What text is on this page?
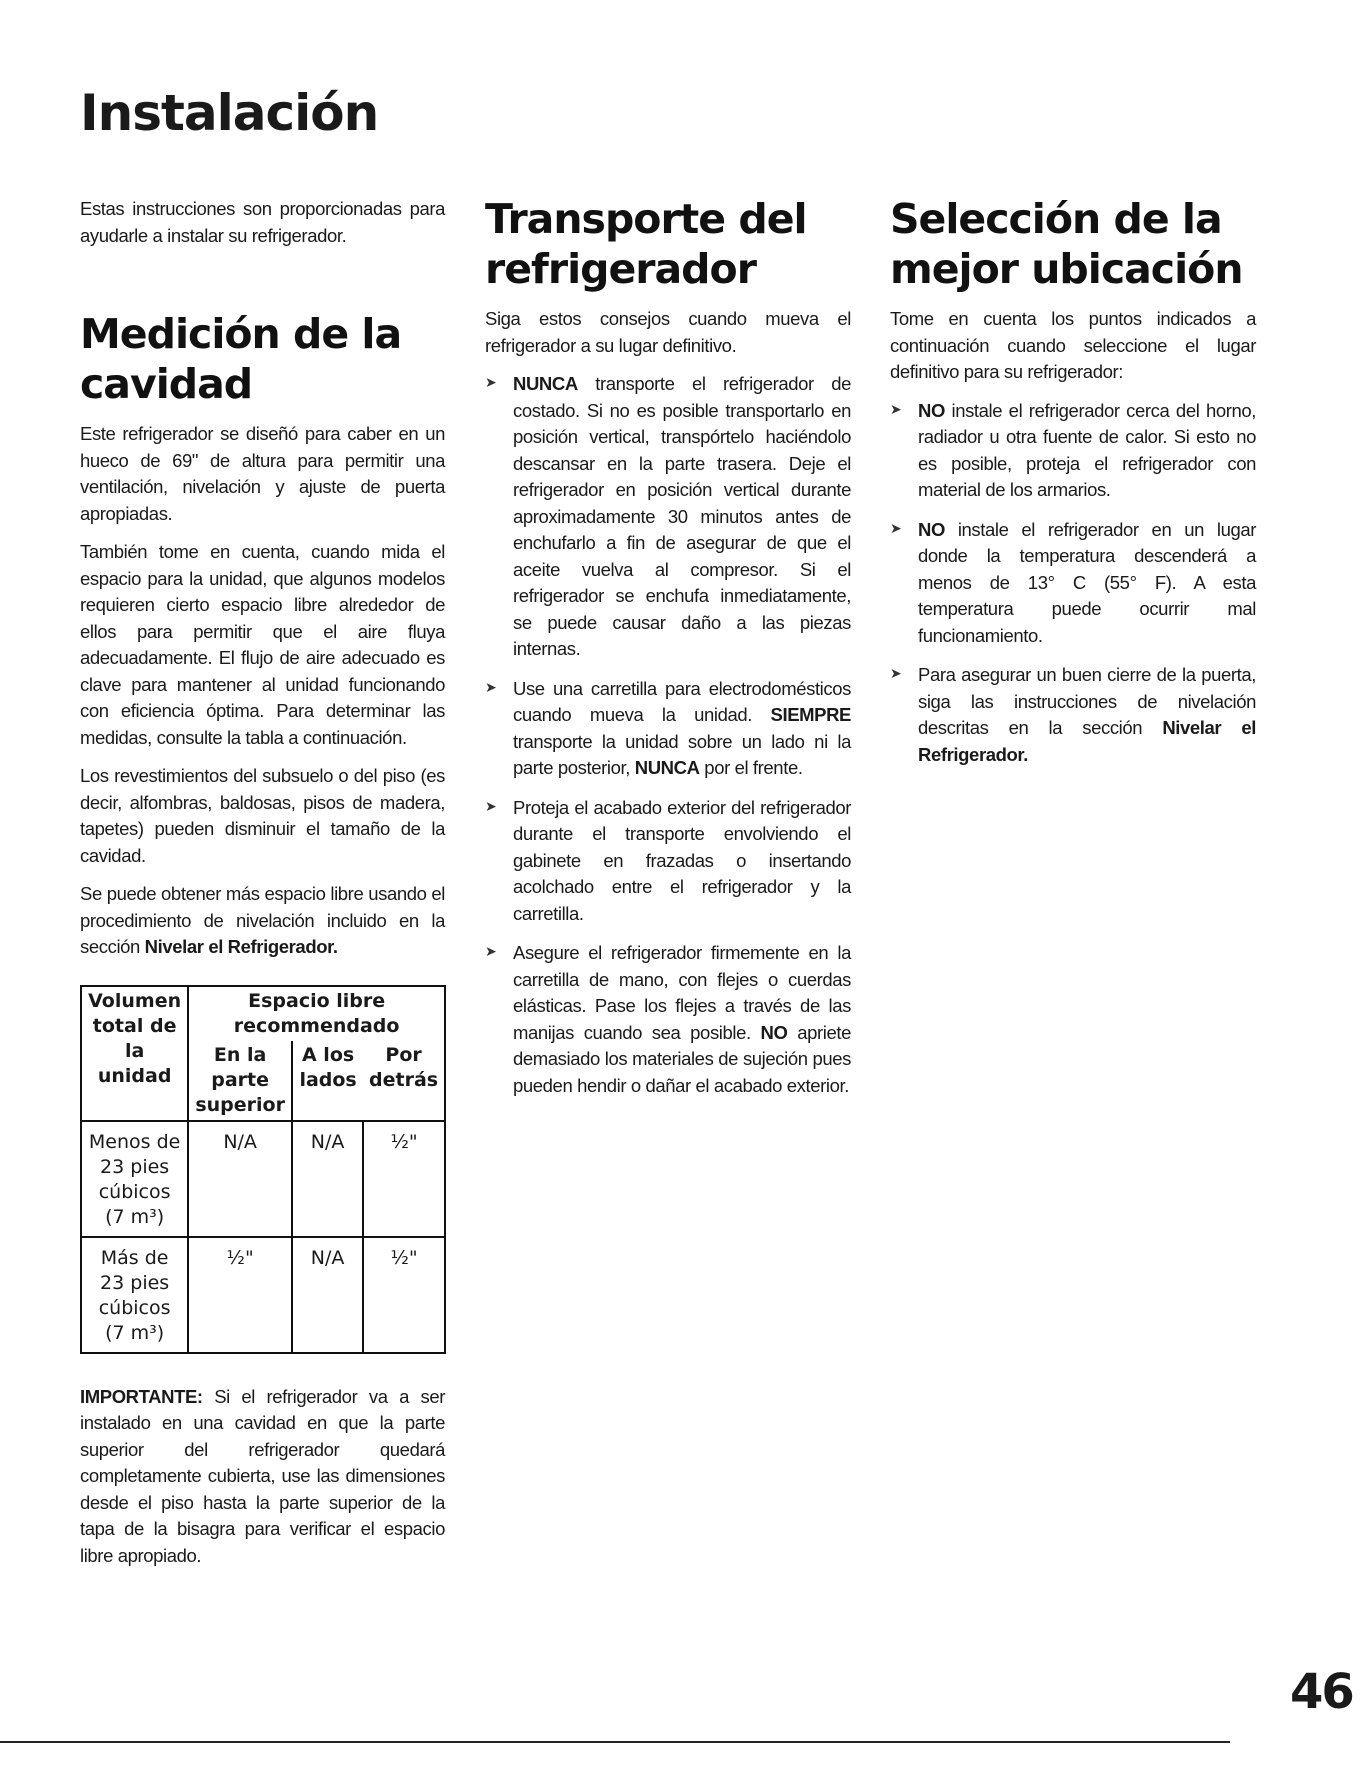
Instalación

Estas instrucciones son proporcionadas para ayudarle a instalar su refrigerador.

Medición de la cavidad

Este refrigerador se diseñó para caber en un hueco de 69" de altura para permitir una ventilación, nivelación y ajuste de puerta apropiadas.

También tome en cuenta, cuando mida el espacio para la unidad, que algunos modelos requieren cierto espacio libre alrededor de ellos para permitir que el aire fluya adecuadamente. El flujo de aire adecuado es clave para mantener al unidad funcionando con eficiencia óptima. Para determinar las medidas, consulte la tabla a continuación.

Los revestimientos del subsuelo o del piso (es decir, alfombras, baldosas, pisos de madera, tapetes) pueden disminuir el tamaño de la cavidad.

Se puede obtener más espacio libre usando el procedimiento de nivelación incluido en la sección Nivelar el Refrigerador.

Volumen
total de la
unidad	Espacio libre
recommendado		

	En la
parte
superior	A los
lados	Por
detrás

Menos de
23 pies
cúbicos
(7 m³)	N/A	N/A	½"

Más de
23 pies
cúbicos
(7 m³)	½"	N/A	½"

IMPORTANTE: Si el refrigerador va a ser instalado en una cavidad en que la parte superior del refrigerador quedará completamente cubierta, use las dimensiones desde el piso hasta la parte superior de la tapa de la bisagra para verificar el espacio libre apropiado.

Transporte del refrigerador

Siga estos consejos cuando mueva el refrigerador a su lugar definitivo.

➤ NUNCA transporte el refrigerador de costado. Si no es posible transportarlo en posición vertical, transpórtelo haciéndolo descansar en la parte trasera. Deje el refrigerador en posición vertical durante aproximadamente 30 minutos antes de enchufarlo a fin de asegurar de que el aceite vuelva al compresor. Si el refrigerador se enchufa inmediatamente, se puede causar daño a las piezas internas.
➤ Use una carretilla para electrodomésticos cuando mueva la unidad. SIEMPRE transporte la unidad sobre un lado ni la parte posterior, NUNCA por el frente.
➤ Proteja el acabado exterior del refrigerador durante el transporte envolviendo el gabinete en frazadas o insertando acolchado entre el refrigerador y la carretilla.
➤ Asegure el refrigerador firmemente en la carretilla de mano, con flejes o cuerdas elásticas. Pase los flejes a través de las manijas cuando sea posible. NO apriete demasiado los materiales de sujeción pues pueden hendir o dañar el acabado exterior.
Selección de la mejor ubicación

Tome en cuenta los puntos indicados a continuación cuando seleccione el lugar definitivo para su refrigerador:

➤ NO instale el refrigerador cerca del horno, radiador u otra fuente de calor. Si esto no es posible, proteja el refrigerador con material de los armarios.
➤ NO instale el refrigerador en un lugar donde la temperatura descenderá a menos de 13° C (55° F). A esta temperatura puede ocurrir mal funcionamiento.
➤ Para asegurar un buen cierre de la puerta, siga las instrucciones de nivelación descritas en la sección Nivelar el Refrigerador.
46
